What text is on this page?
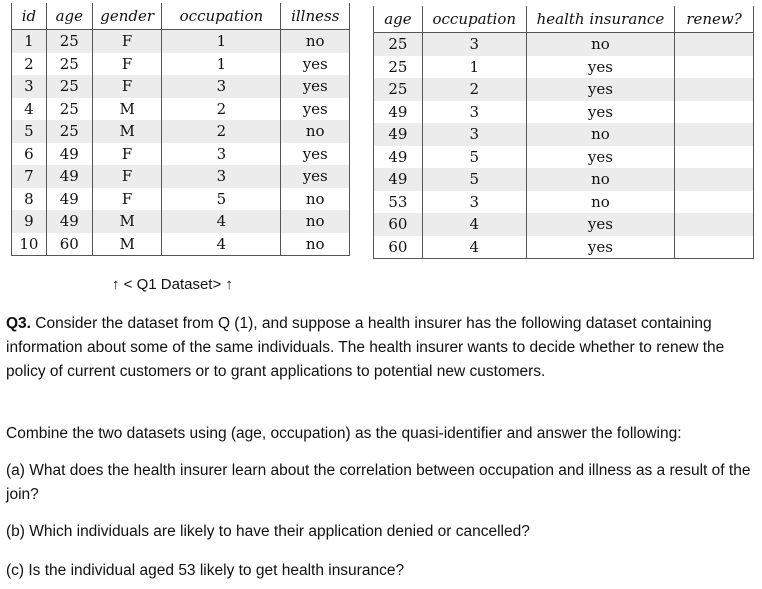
id	age	gender	occupation	illness
1	25	F	1	no
2	25	F	1	yes
3	25	F	3	yes
4	25	M	2	yes
5	25	M	2	no
6	49	F	3	yes
7	49	F	3	yes
8	49	F	5	no
9	49	M	4	no
10	60	M	4	no
age	occupation	health insurance	renew?
25	3	no	
25	1	yes	
25	2	yes	
49	3	yes	
49	3	no	
49	5	yes	
49	5	no	
53	3	no	
60	4	yes	
60	4	yes	
↑ < Q1 Dataset> ↑
Q3. Consider the dataset from Q (1), and suppose a health insurer has the following dataset containing information about some of the same individuals. The health insurer wants to decide whether to renew the policy of current customers or to grant applications to potential new customers.
Combine the two datasets using (age, occupation) as the quasi-identifier and answer the following:
(a) What does the health insurer learn about the correlation between occupation and illness as a result of the join?
(b) Which individuals are likely to have their application denied or cancelled?
(c) Is the individual aged 53 likely to get health insurance?
